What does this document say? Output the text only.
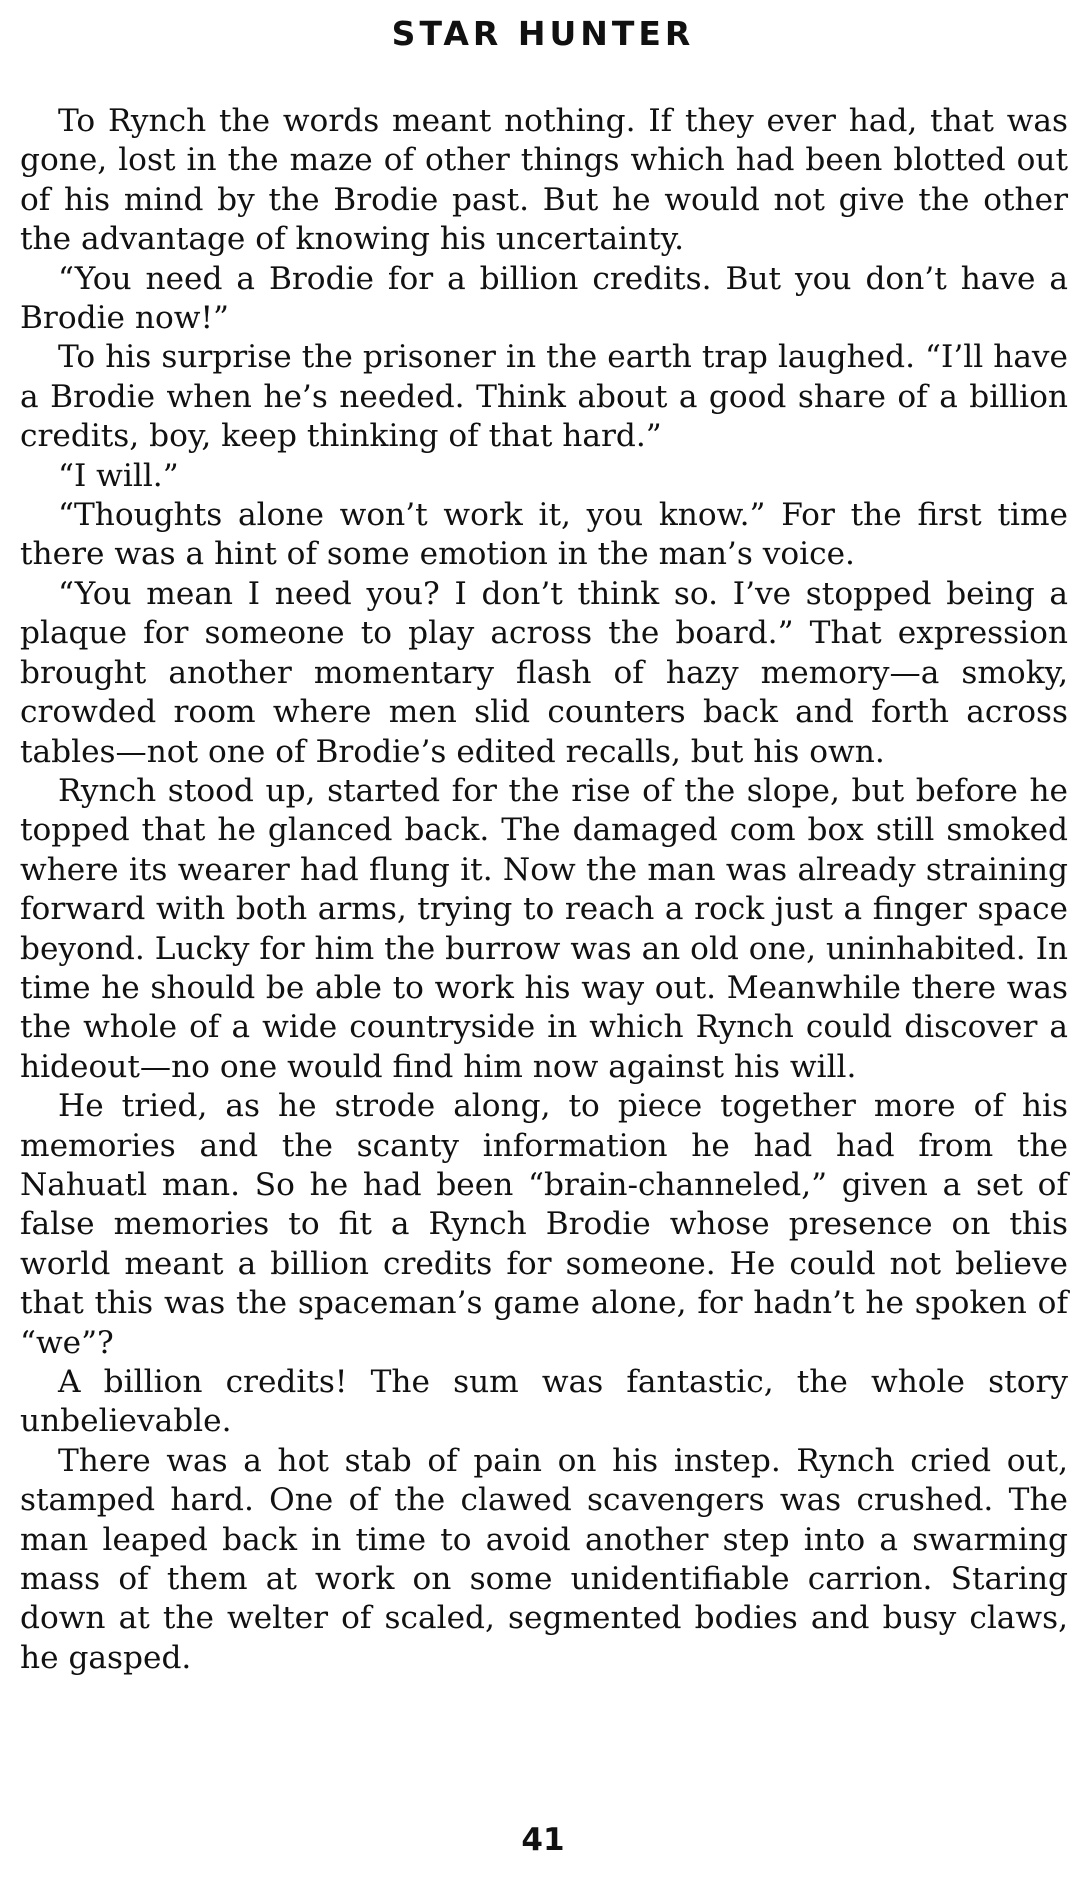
STAR HUNTER

To Rynch the words meant nothing. If they ever had, that was gone, lost in the maze of other things which had been blotted out of his mind by the Brodie past. But he would not give the other the advantage of knowing his uncertainty.

“You need a Brodie for a billion credits. But you don’t have a Brodie now!”

To his surprise the prisoner in the earth trap laughed. “I’ll have a Brodie when he’s needed. Think about a good share of a billion credits, boy, keep thinking of that hard.”

“I will.”

“Thoughts alone won’t work it, you know.” For the first time there was a hint of some emotion in the man’s voice.

“You mean I need you? I don’t think so. I’ve stopped being a plaque for someone to play across the board.” That expression brought another momentary flash of hazy memory—a smoky, crowded room where men slid counters back and forth across tables—not one of Brodie’s edited recalls, but his own.

Rynch stood up, started for the rise of the slope, but before he topped that he glanced back. The damaged com box still smoked where its wearer had flung it. Now the man was already straining forward with both arms, trying to reach a rock just a finger space beyond. Lucky for him the burrow was an old one, uninhabited. In time he should be able to work his way out. Meanwhile there was the whole of a wide countryside in which Rynch could discover a hideout—no one would find him now against his will.

He tried, as he strode along, to piece together more of his memories and the scanty information he had had from the Nahuatl man. So he had been “brain-channeled,” given a set of false memories to fit a Rynch Brodie whose presence on this world meant a billion credits for someone. He could not believe that this was the spaceman’s game alone, for hadn’t he spoken of “we”?

A billion credits! The sum was fantastic, the whole story unbelievable.

There was a hot stab of pain on his instep. Rynch cried out, stamped hard. One of the clawed scavengers was crushed. The man leaped back in time to avoid another step into a swarming mass of them at work on some unidentifiable carrion. Staring down at the welter of scaled, segmented bodies and busy claws, he gasped.

41
